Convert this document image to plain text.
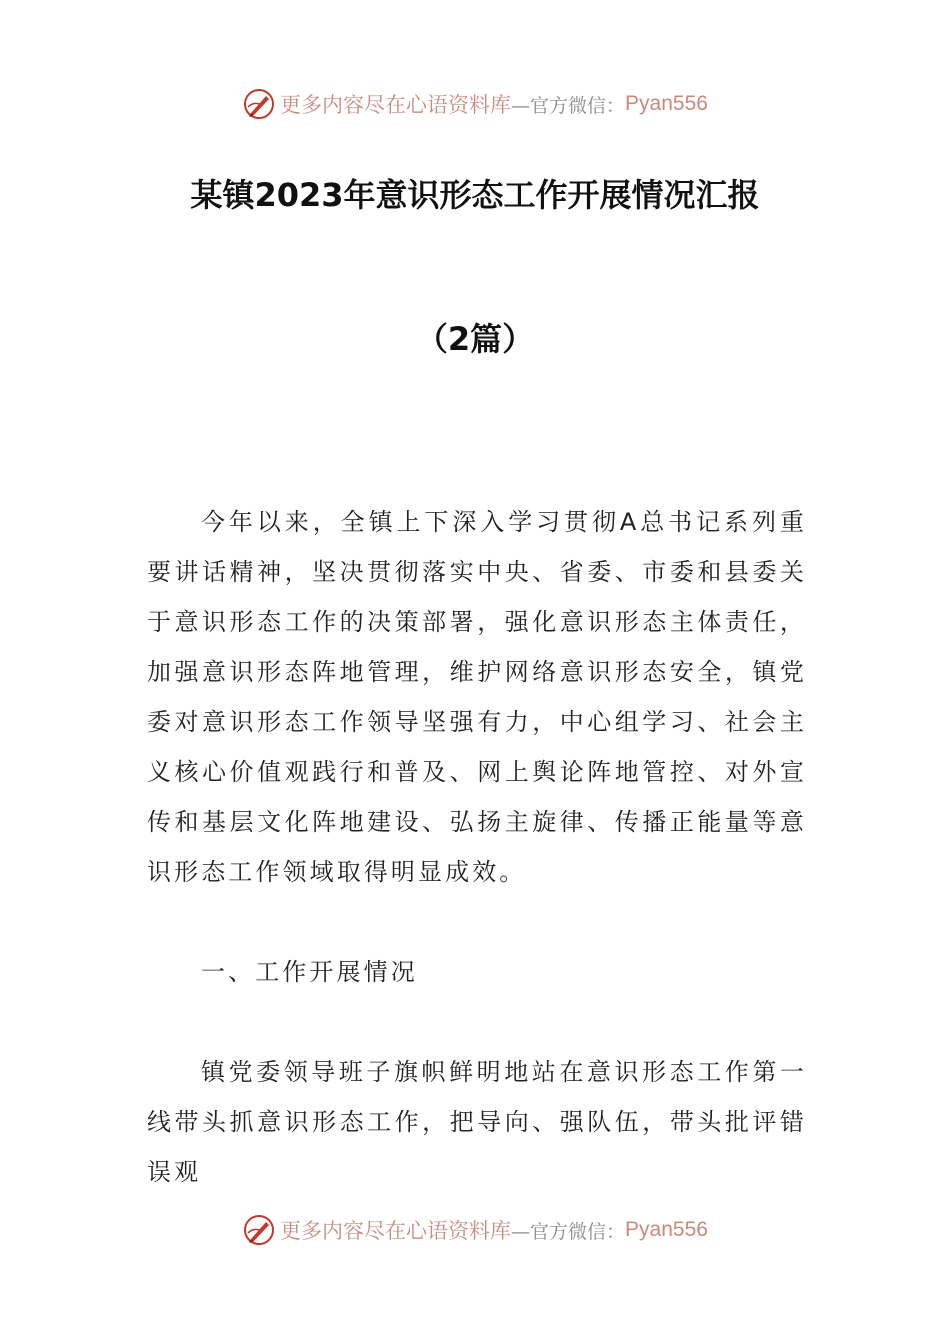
更多内容尽在心语资料库 —官方微信： Pyan556
某镇2023年意识形态工作开展情况汇报
（2篇）

今年以来，全镇上下深入学习贯彻A总书记系列重要讲话精神，坚决贯彻落实中央、省委、市委和县委关于意识形态工作的决策部署，强化意识形态主体责任，加强意识形态阵地管理，维护网络意识形态安全，镇党委对意识形态工作领导坚强有力，中心组学习、社会主义核心价值观践行和普及、网上舆论阵地管控、对外宣传和基层文化阵地建设、弘扬主旋律、传播正能量等意识形态工作领域取得明显成效。

一、工作开展情况

镇党委领导班子旗帜鲜明地站在意识形态工作第一线带头抓意识形态工作，把导向、强队伍，带头批评错误观

更多内容尽在心语资料库 —官方微信： Pyan556
